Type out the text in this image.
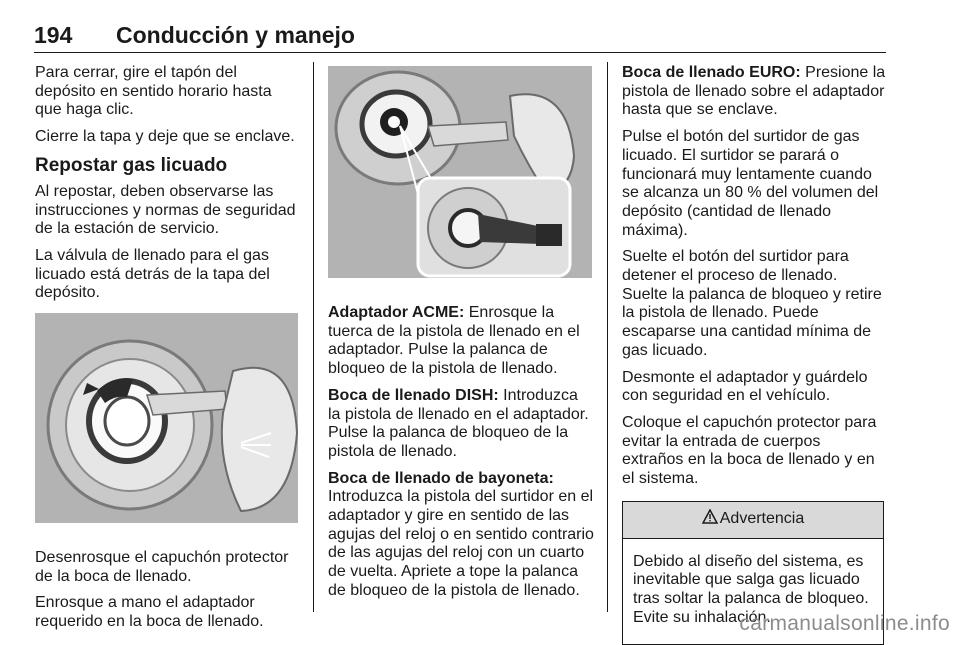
194 Conducción y manejo

Para cerrar, gire el tapón del depósito en sentido horario hasta que haga clic.

Cierre la tapa y deje que se enclave.

Repostar gas licuado

Al repostar, deben observarse las instrucciones y normas de seguridad de la estación de servicio.

La válvula de llenado para el gas licuado está detrás de la tapa del depósito.

Desenrosque el capuchón protector de la boca de llenado.

Enrosque a mano el adaptador requerido en la boca de llenado.

Adaptador ACME: Enrosque la tuerca de la pistola de llenado en el adaptador. Pulse la palanca de bloqueo de la pistola de llenado.

Boca de llenado DISH: Introduzca la pistola de llenado en el adaptador. Pulse la palanca de bloqueo de la pistola de llenado.

Boca de llenado de bayoneta: Introduzca la pistola del surtidor en el adaptador y gire en sentido de las agujas del reloj o en sentido contrario de las agujas del reloj con un cuarto de vuelta. Apriete a tope la palanca de bloqueo de la pistola de llenado.

Boca de llenado EURO: Presione la pistola de llenado sobre el adaptador hasta que se enclave.

Pulse el botón del surtidor de gas licuado. El surtidor se parará o funcionará muy lentamente cuando se alcanza un 80 % del volumen del depósito (cantidad de llenado máxima).

Suelte el botón del surtidor para detener el proceso de llenado. Suelte la palanca de bloqueo y retire la pistola de llenado. Puede escaparse una cantidad mínima de gas licuado.

Desmonte el adaptador y guárdelo con seguridad en el vehículo.

Coloque el capuchón protector para evitar la entrada de cuerpos extraños en la boca de llenado y en el sistema.

Advertencia
Debido al diseño del sistema, es inevitable que salga gas licuado tras soltar la palanca de bloqueo. Evite su inhalación.
carmanualsonline.info
